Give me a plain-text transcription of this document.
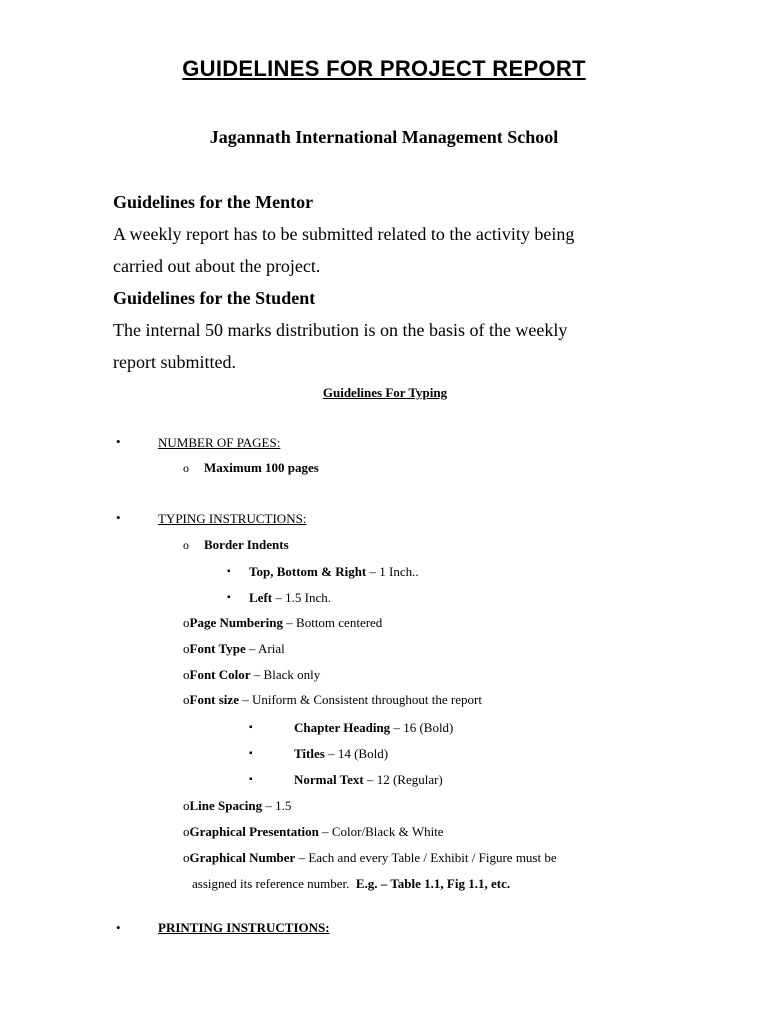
GUIDELINES FOR PROJECT REPORT
Jagannath International Management School
Guidelines for the Mentor
A weekly report has to be submitted related to the activity being
carried out about the project.
Guidelines for the Student
The internal 50 marks distribution is on the basis of the weekly
report submitted.
Guidelines For Typing
•	NUMBER OF PAGES:
o Maximum 100 pages
•	TYPING INSTRUCTIONS:
o Border Indents
▪ Top, Bottom & Right – 1 Inch..
▪ Left – 1.5 Inch.
oPage Numbering – Bottom centered
oFont Type – Arial
oFont Color – Black only
oFont size – Uniform & Consistent throughout the report
▪	Chapter Heading – 16 (Bold)
▪	Titles – 14 (Bold)
▪	Normal Text – 12 (Regular)
oLine Spacing – 1.5
oGraphical Presentation – Color/Black & White
oGraphical Number – Each and every Table / Exhibit / Figure must be
assigned its reference number.  E.g. – Table 1.1, Fig 1.1, etc.
•	PRINTING INSTRUCTIONS:
